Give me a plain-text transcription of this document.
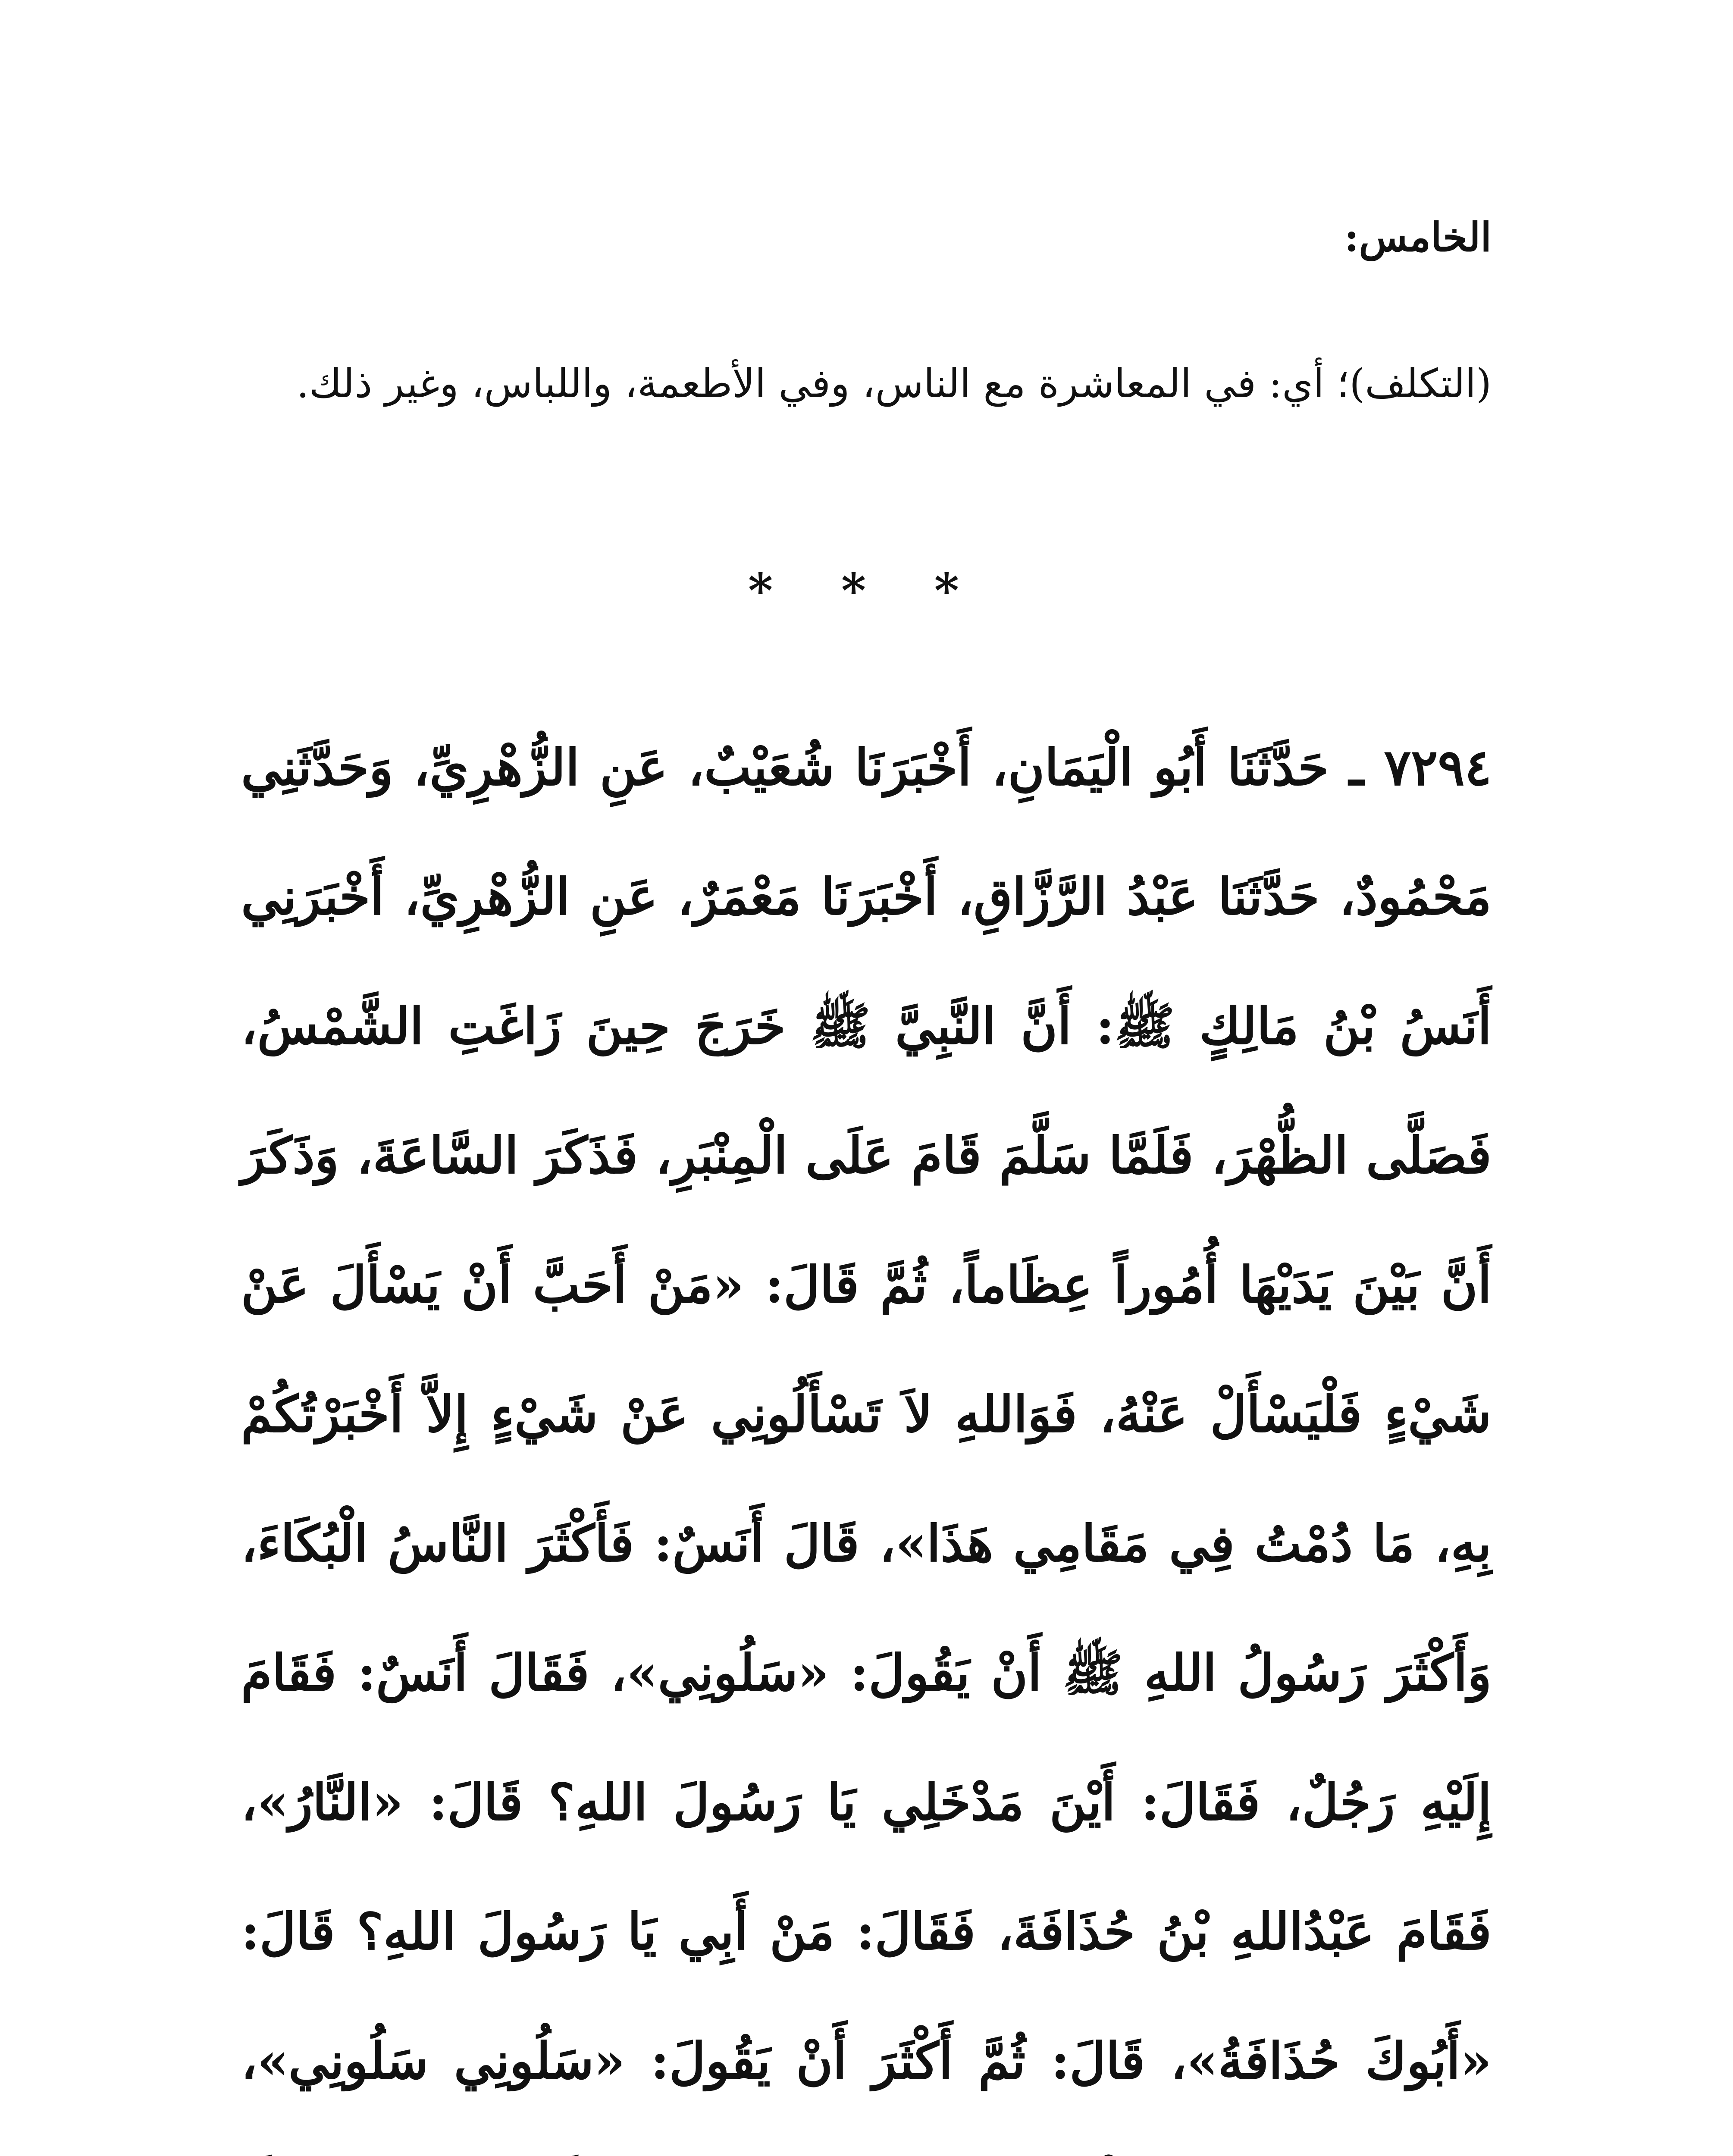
الخامس:
(التكلف)؛ أي: في المعاشرة مع الناس، وفي الأطعمة، واللباس، وغير ذلك.
* * *
٧٢٩٤ ـ حَدَّثَنَا أَبُو الْيَمَانِ، أَخْبَرَنَا شُعَيْبٌ، عَنِ الزُّهْرِيِّ، وَحَدَّثَنِي مَحْمُودٌ، حَدَّثَنَا عَبْدُ الرَّزَّاقِ، أَخْبَرَنَا مَعْمَرٌ، عَنِ الزُّهْرِيِّ، أَخْبَرَنِي أَنَسُ بْنُ مَالِكٍ ﷺ: أَنَّ النَّبِيَّ ﷺ خَرَجَ حِينَ زَاغَتِ الشَّمْسُ، فَصَلَّى الظُّهْرَ، فَلَمَّا سَلَّمَ قَامَ عَلَى الْمِنْبَرِ، فَذَكَرَ السَّاعَةَ، وَذَكَرَ أَنَّ بَيْنَ يَدَيْهَا أُمُوراً عِظَاماً، ثُمَّ قَالَ: «مَنْ أَحَبَّ أَنْ يَسْأَلَ عَنْ شَيْءٍ فَلْيَسْأَلْ عَنْهُ، فَوَاللهِ لاَ تَسْأَلُونِي عَنْ شَيْءٍ إِلاَّ أَخْبَرْتُكُمْ بِهِ، مَا دُمْتُ فِي مَقَامِي هَذَا»، قَالَ أَنَسٌ: فَأَكْثَرَ النَّاسُ الْبُكَاءَ، وَأَكْثَرَ رَسُولُ اللهِ ﷺ أَنْ يَقُولَ: «سَلُونِي»، فَقَالَ أَنَسٌ: فَقَامَ إِلَيْهِ رَجُلٌ، فَقَالَ: أَيْنَ مَدْخَلِي يَا رَسُولَ اللهِ؟ قَالَ: «النَّارُ»، فَقَامَ عَبْدُاللهِ بْنُ حُذَافَةَ، فَقَالَ: مَنْ أَبِي يَا رَسُولَ اللهِ؟ قَالَ: «أَبُوكَ حُذَافَةُ»، قَالَ: ثُمَّ أَكْثَرَ أَنْ يَقُولَ: «سَلُونِي سَلُونِي»،
